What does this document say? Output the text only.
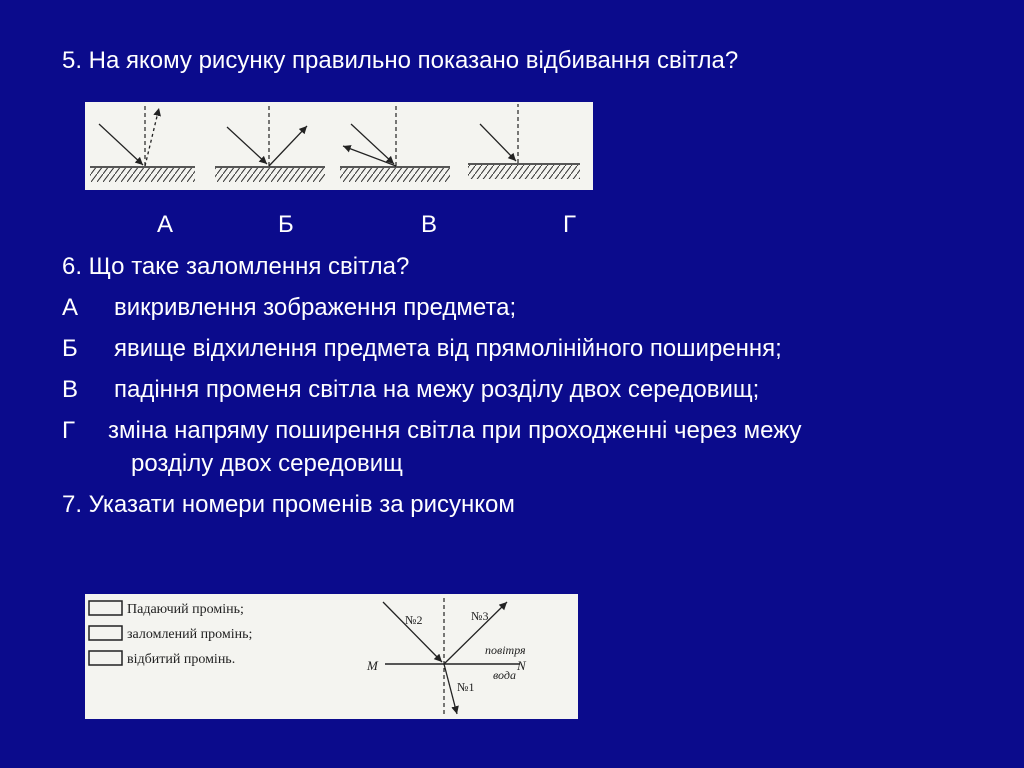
5. На якому рисунку правильно показано відбивання світла?
А	Б	В	Г
6. Що таке заломлення світла?
А викривлення зображення предмета;
Б явище відхилення предмета від прямолінійного поширення;
В падіння променя світла на межу розділу двох середовищ;
Г зміна напряму поширення світла при проходженні через межу
розділу двох середовищ
7. Указати номери променів за рисунком
Падаючий промінь;
заломлений промінь;
відбитий промінь.	M	N
повітря
вода
№2	№3
№1
